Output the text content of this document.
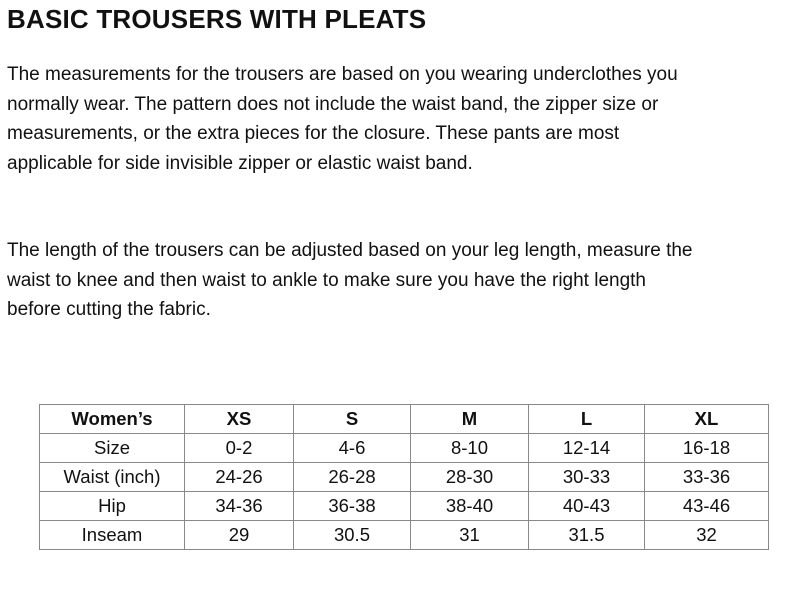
BASIC TROUSERS WITH PLEATS
The measurements for the trousers are based on you wearing underclothes you
normally wear. The pattern does not include the waist band, the zipper size or
measurements, or the extra pieces for the closure. These pants are most
applicable for side invisible zipper or elastic waist band.
The length of the trousers can be adjusted based on your leg length, measure the
waist to knee and then waist to ankle to make sure you have the right length
before cutting the fabric.
Women’s	XS	S	M	L	XL
Size	0-2	4-6	8-10	12-14	16-18
Waist (inch)	24-26	26-28	28-30	30-33	33-36
Hip	34-36	36-38	38-40	40-43	43-46
Inseam	29	30.5	31	31.5	32
